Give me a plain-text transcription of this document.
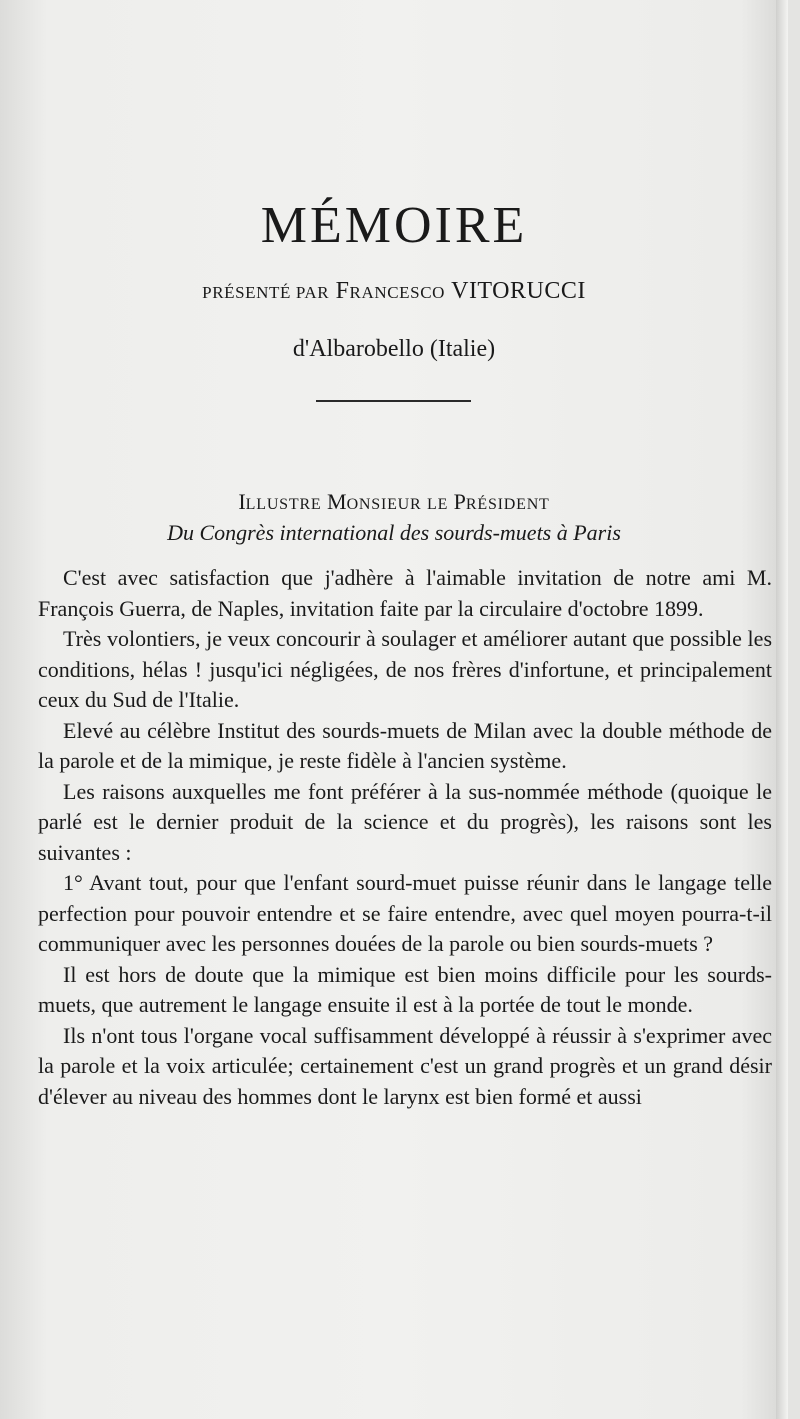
MÉMOIRE
PRÉSENTÉ PAR FRANCESCO VITORUCCI
d'Albarobello (Italie)
ILLUSTRE MONSIEUR LE PRÉSIDENT
Du Congrès international des sourds-muets à Paris

C'est avec satisfaction que j'adhère à l'aimable invitation de notre ami M. François Guerra, de Naples, invitation faite par la circulaire d'octobre 1899.

Très volontiers, je veux concourir à soulager et améliorer autant que possible les conditions, hélas ! jusqu'ici négligées, de nos frères d'infortune, et principalement ceux du Sud de l'Italie.

Elevé au célèbre Institut des sourds-muets de Milan avec la double méthode de la parole et de la mimique, je reste fidèle à l'ancien système.

Les raisons auxquelles me font préférer à la sus-nommée méthode (quoique le parlé est le dernier produit de la science et du progrès), les raisons sont les suivantes :

1° Avant tout, pour que l'enfant sourd-muet puisse réunir dans le langage telle perfection pour pouvoir entendre et se faire entendre, avec quel moyen pourra-t-il communiquer avec les personnes douées de la parole ou bien sourds-muets ?

Il est hors de doute que la mimique est bien moins difficile pour les sourds-muets, que autrement le langage ensuite il est à la portée de tout le monde.

Ils n'ont tous l'organe vocal suffisamment développé à réussir à s'exprimer avec la parole et la voix articulée; certainement c'est un grand progrès et un grand désir d'élever au niveau des hommes dont le larynx est bien formé et aussi
